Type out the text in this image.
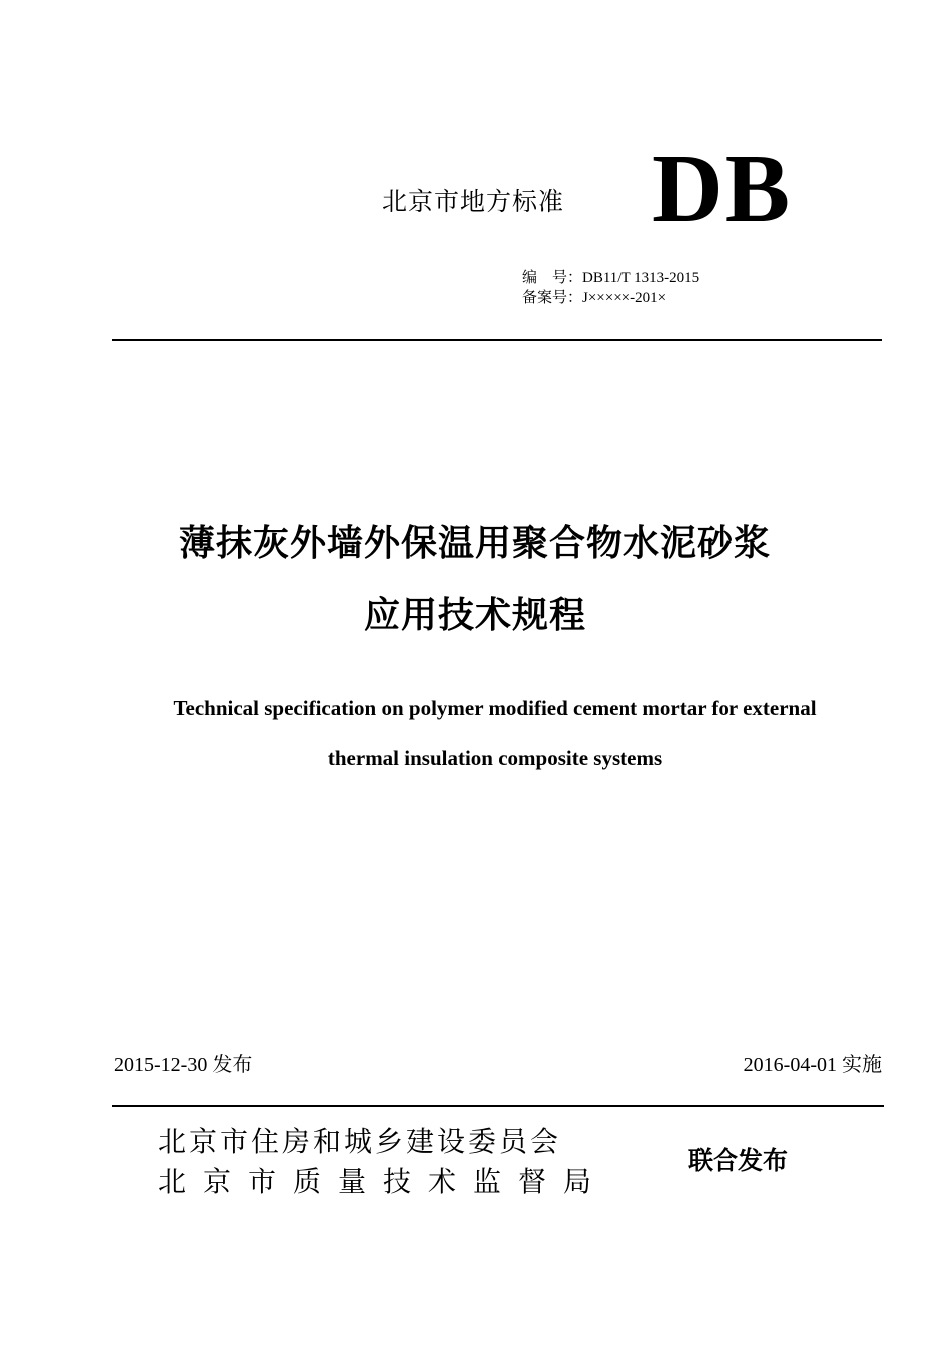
北京市地方标准 DB
编　号：DB11/T 1313-2015
备案号：J×××××-201×
薄抹灰外墙外保温用聚合物水泥砂浆
应用技术规程
Technical specification on polymer modified cement mortar for external
thermal insulation composite systems
2015-12-30 发布	2016-04-01 实施
北京市住房和城乡建设委员会
北京市质量技术监督局
联合发布
